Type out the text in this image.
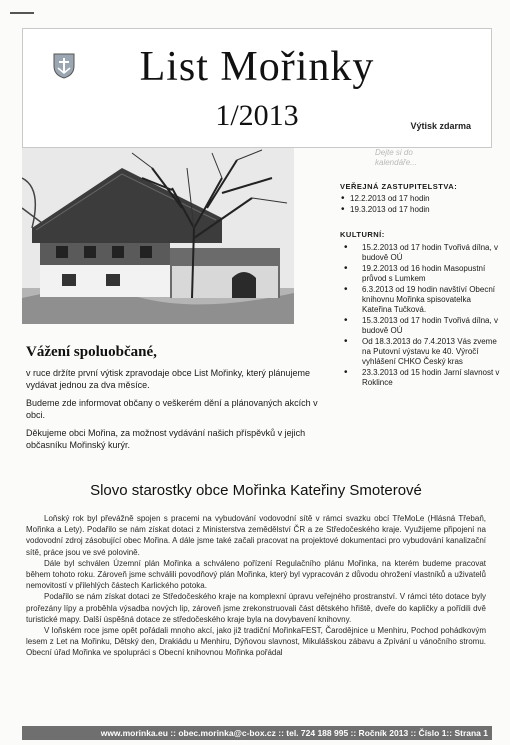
List Mořinky
1/2013	Výtisk zdarma
Dejte si do
kalendáře...
VEŘEJNÁ ZASTUPITELSTVA:
• 12.2.2013 od 17 hodin
• 19.3.2013 od 17 hodin
KULTURNÍ:
• 15.2.2013 od 17 hodin Tvořivá dílna, v budově OÚ
• 19.2.2013 od 16 hodin Masopustní průvod s Lumkem
• 6.3.2013 od 19 hodin navštíví Obecní knihovnu Mořinka spisovatelka Kateřina Tučková.
• 15.3.2013 od 17 hodin Tvořivá dílna, v budově OÚ
• Od 18.3.2013 do 7.4.2013 Vás zveme na Putovní výstavu ke 40. Výročí vyhlášení CHKO Český kras
• 23.3.2013 od 15 hodin Jarní slavnost v Roklince
Vážení spoluobčané,

v ruce držíte první výtisk zpravodaje obce List Mořinky, který plánujeme vydávat jednou za dva měsíce.

Budeme zde informovat občany o veškerém dění a plánovaných akcích v obci.

Děkujeme obci Mořina, za možnost vydávání našich příspěvků v jejich občasníku Mořinský kurýr.

Slovo starostky obce Mořinka Kateřiny Smoterové

Loňský rok byl převážně spojen s pracemi na vybudování vodovodní sítě v rámci svazku obcí TřeMoLe (Hlásná Třebaň, Mořinka a Lety). Podařilo se nám získat dotaci z Ministerstva zemědělství ČR a ze Středočeského kraje. Využijeme připojení na vodovodní zdroj zásobující obec Mořina. A dále jsme také začali pracovat na projektové dokumentaci pro vybudování kanalizační sítě, práce jsou ve své polovině.

Dále byl schválen Územní plán Mořinka a schváleno pořízení Regulačního plánu Mořinka, na kterém budeme pracovat během tohoto roku. Zároveň jsme schválili povodňový plán Mořinka, který byl vypracován z důvodu ohrožení vlastníků a uživatelů nemovitostí v přilehlých částech Karlického potoka.

Podařilo se nám získat dotaci ze Středočeského kraje na komplexní úpravu veřejného prostranství. V rámci této dotace byly prořezány lípy a proběhla výsadba nových lip, zároveň jsme zrekonstruovali část dětského hřiště, dveře do kapličky a pořídili dvě turistické mapy. Další úspěšná dotace ze středočeského kraje byla na dovybavení knihovny.

V loňském roce jsme opět pořádali mnoho akcí, jako již tradiční MořinkaFEST, Čarodějnice u Menhiru, Pochod pohádkovým lesem z Let na Mořinku, Dětský den, Drakiádu u Menhiru, Dýňovou slavnost, Mikulášskou zábavu a Zpívání u vánočního stromu. Obecní úřad Mořinka ve spolupráci s Obecní knihovnou Mořinka pořádal

www.morinka.eu :: obec.morinka@c-box.cz :: tel. 724 188 995 :: Ročník 2013 :: Číslo 1:: Strana 1
